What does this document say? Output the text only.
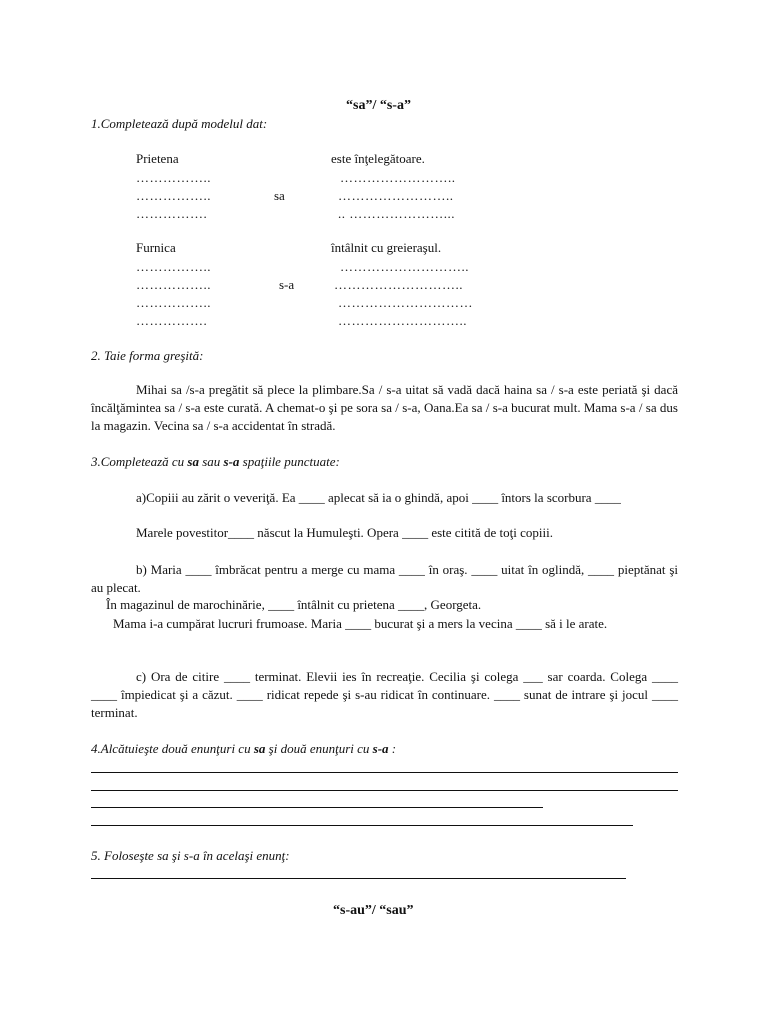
“sa”/ “s-a”
1.Completează după modelul dat:
Prietena	este înţelegătoare.
……………..
……………..
…………….
sa
……………………..
……………………..
.. …………………...
Furnica	întâlnit cu greieraşul.
……………..
……………..
……………..
…………….
s-a
………………………..
………………………..
…………………………
………………………..
2. Taie forma greşită:
Mihai sa /s-a pregătit să plece la plimbare.Sa / s-a uitat să vadă dacă haina sa / s-a este periată şi dacă încălţămintea sa / s-a este curată. A chemat-o şi pe sora sa / s-a, Oana.Ea sa / s-a bucurat mult. Mama s-a / sa dus la magazin. Vecina sa / s-a accidentat în stradă.
3.Completează cu sa sau s-a spaţiile punctuate:
a)Copiii au zărit o veveriţă. Ea ____ aplecat să ia o ghindă, apoi ____ întors la scorbura ____
Marele povestitor____ născut la Humuleşti. Opera ____ este citită de toţi copiii.
b) Maria ____ îmbrăcat pentru a merge cu mama ____ în oraş. ____ uitat în oglindă, ____ pieptănat şi au plecat.
În magazinul de marochinărie, ____ întâlnit cu prietena ____, Georgeta.
Mama i-a cumpărat lucruri frumoase. Maria ____ bucurat şi a mers la vecina ____ să i le arate.
c) Ora de citire ____ terminat. Elevii ies în recreaţie. Cecilia şi colega ___ sar coarda. Colega ____ ____ împiedicat şi a căzut. ____ ridicat repede şi s-au ridicat în continuare. ____ sunat de intrare şi jocul ____ terminat.
4.Alcătuieşte două enunţuri cu sa şi două enunţuri cu s-a :
5. Foloseşte sa şi s-a în acelaşi enunţ:
“s-au”/ “sau”
